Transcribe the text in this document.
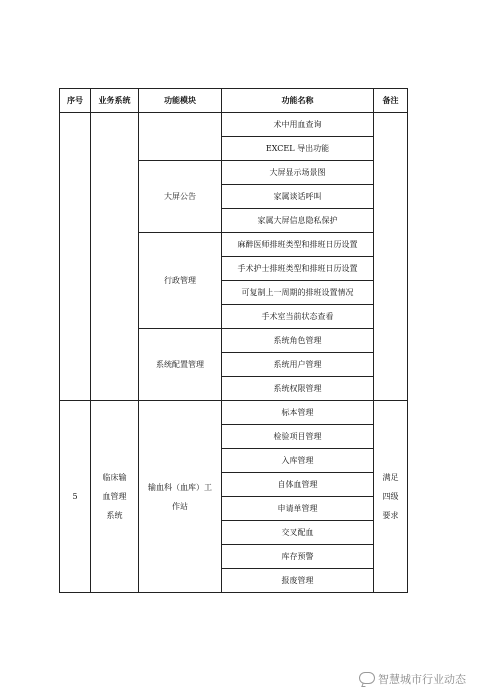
序号	业务系统	功能模块	功能名称	备注
			术中用血查询	
			EXCEL 导出功能	
		大屏公告	大屏显示场景图	
			家属谈话呼叫	
			家属大屏信息隐私保护	
		行政管理	麻醉医师排班类型和排班日历设置	
			手术护士排班类型和排班日历设置	
			可复制上一周期的排班设置情况	
			手术室当前状态查看	
		系统配置管理	系统角色管理	
			系统用户管理	
			系统权限管理	
5	临床输血管理系统	输血科（血库）工作站	标本管理	满足四级要求
			检验项目管理	
			入库管理	
			自体血管理	
			申请单管理	
			交叉配血	
			库存预警	
			报废管理	
智慧城市行业动态
